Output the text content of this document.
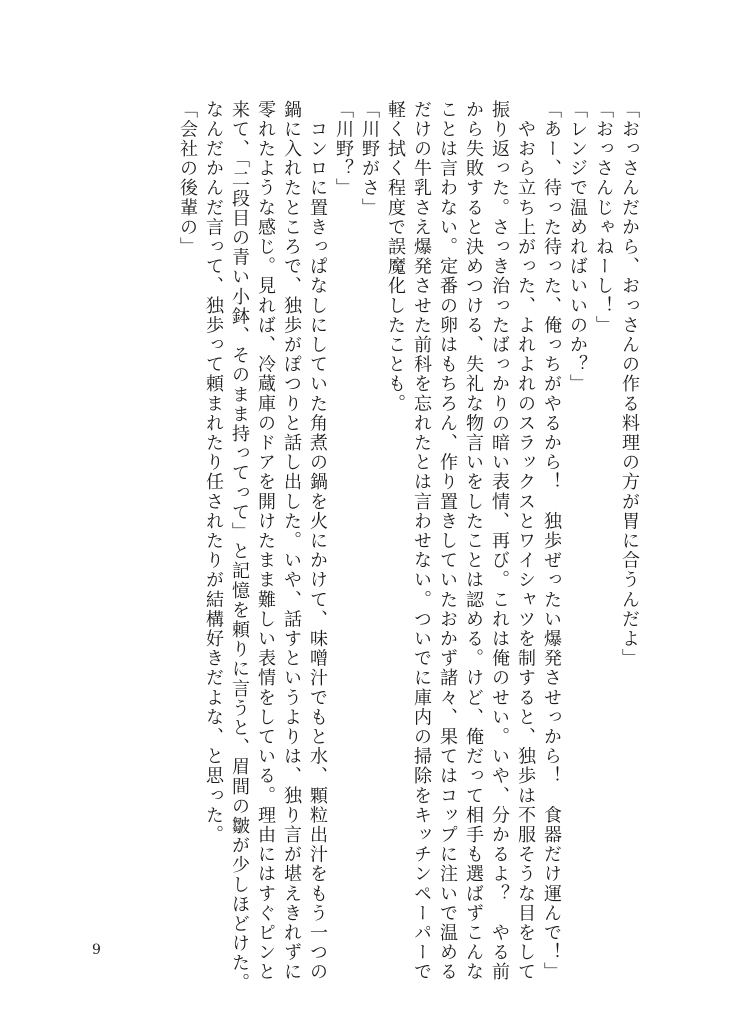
「おっさんだから、おっさんの作る料理の方が胃に合うんだよ」

「おっさんじゃねーし！」

「レンジで温めればいいのか？」

「あー、待った待った、俺っちがやるから！　独歩ぜったい爆発させっから！　食器だけ運んで！」

　やおら立ち上がった、よれよれのスラックスとワイシャツを制すると、独歩は不服そうな目をして

振り返った。さっき治ったばっかりの暗い表情、再び。これは俺のせい。いや、分かるよ？　やる前

から失敗すると決めつける、失礼な物言いをしたことは認める。けど、俺だって相手も選ばずこんな

ことは言わない。定番の卵はもちろん、作り置きしていたおかず諸々、果てはコップに注いで温める

だけの牛乳さえ爆発させた前科を忘れたとは言わせない。ついでに庫内の掃除をキッチンペーパーで

軽く拭く程度で誤魔化したことも。

「川野がさ」

「川野？」

　コンロに置きっぱなしにしていた角煮の鍋を火にかけて、味噌汁でもと水、顆粒出汁をもう一つの

鍋に入れたところで、独歩がぽつりと話し出した。いや、話すというよりは、独り言が堪えきれずに

零れたような感じ。見れば、冷蔵庫のドアを開けたまま難しい表情をしている。理由にはすぐピンと

来て、「二段目の青い小鉢、そのまま持ってって」と記憶を頼りに言うと、眉間の皺が少しほどけた。

なんだかんだ言って、独歩って頼まれたり任されたりが結構好きだよな、と思った。

「会社の後輩の」

9
